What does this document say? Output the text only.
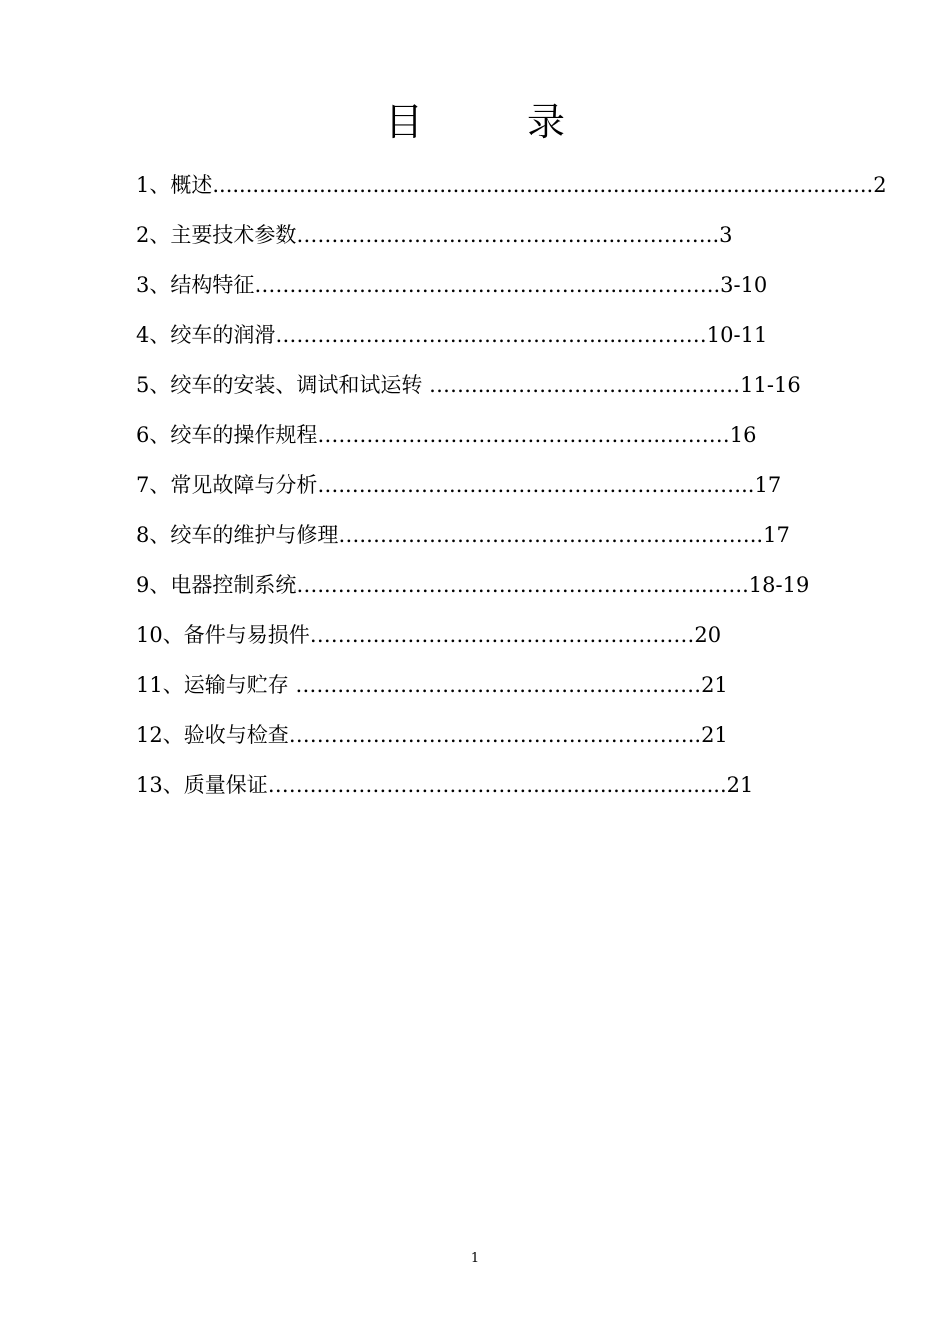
目 录
1、概述...................................................................................................2
2、主要技术参数……...….……….………………......…………..3
3、结构特征……….……….…………………………......………..3-10
4、绞车的润滑………..……………..………………....…………10-11
5、绞车的安装、调试和试运转 ……......…………………......……11-16
6、绞车的操作规程…………………………………………..………16
7、常见故障与分析…..…..………..…………………………....……..17
8、绞车的维护与修理….………………………………………....……..17
9、电器控制系统…..……………………………………………....…..18-19
10、备件与易损件……….………………………………………20
11、运输与贮存 …….……………………………………………21
12、验收与检查…………………………………………………..21
13、质量保证…….…………………………..............................21
1
